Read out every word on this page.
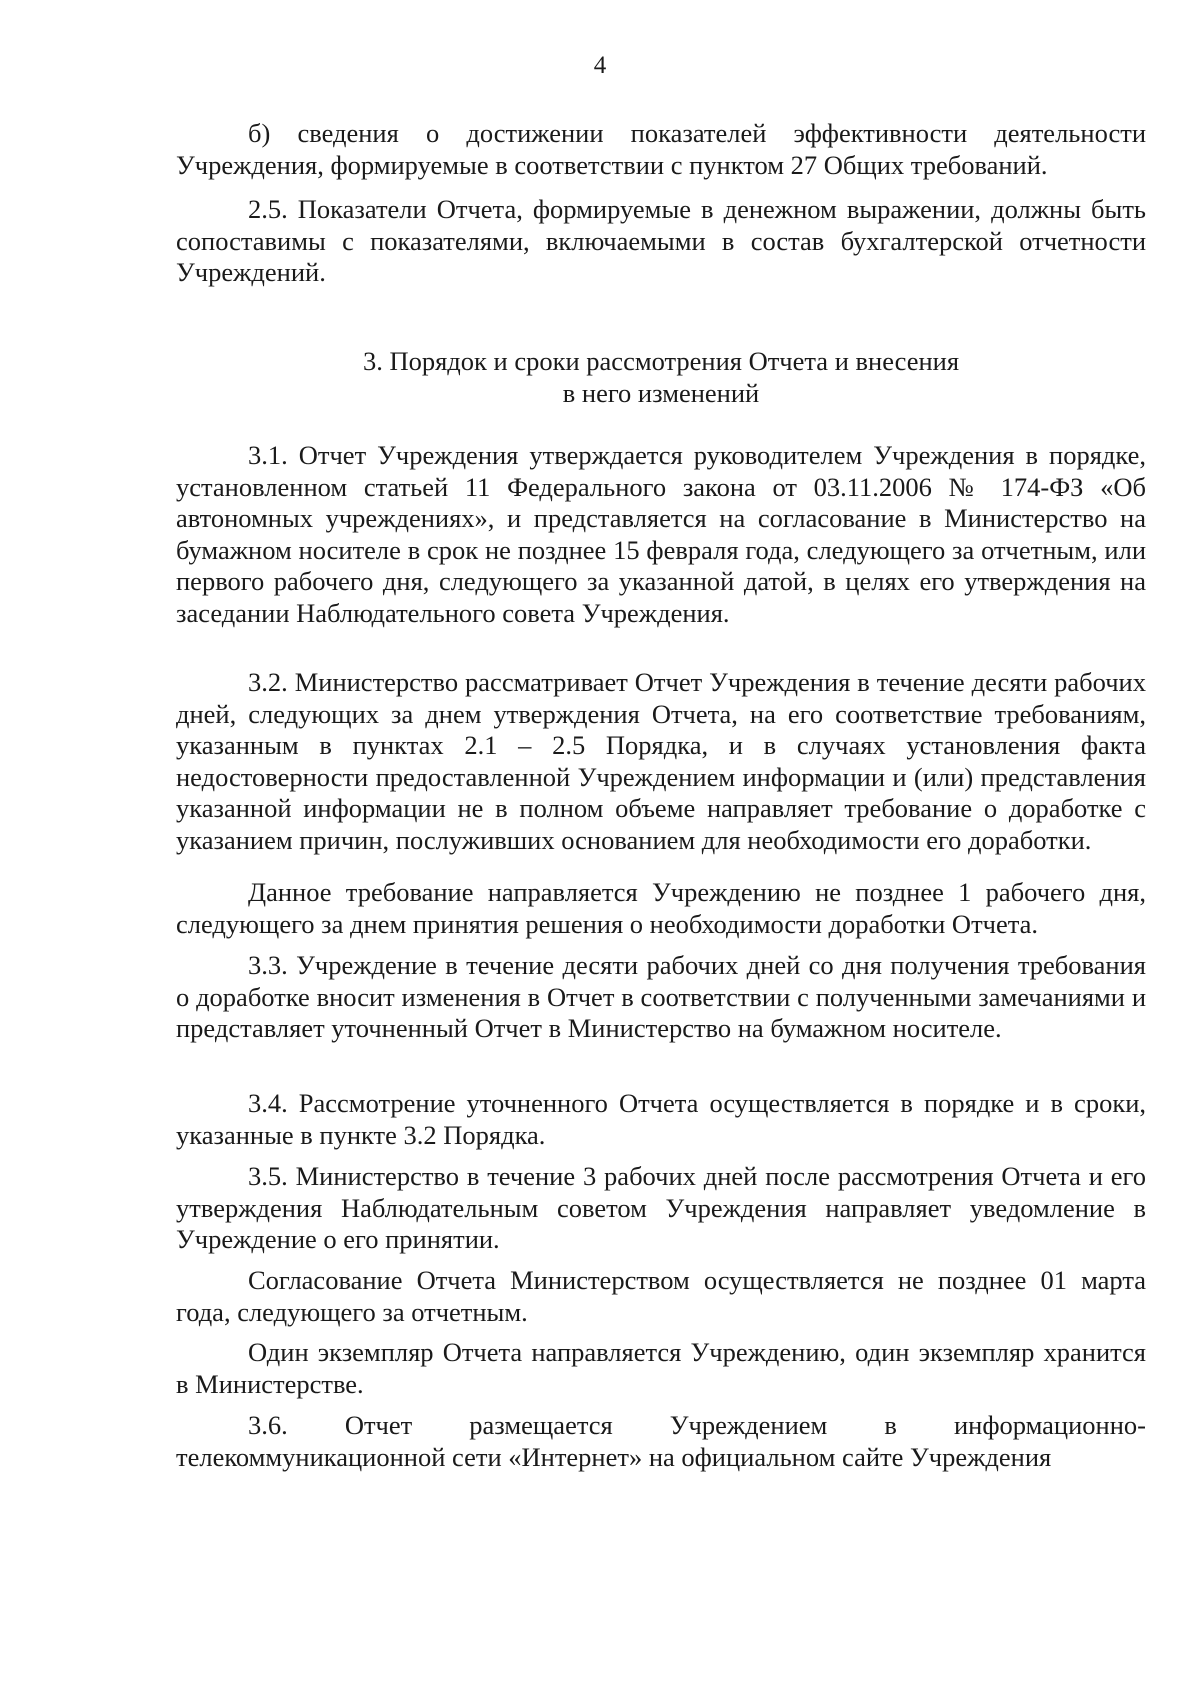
4

б) сведения о достижении показателей эффективности деятельности Учреждения, формируемые в соответствии с пунктом 27 Общих требований.

2.5. Показатели Отчета, формируемые в денежном выражении, должны быть сопоставимы с показателями, включаемыми в состав бухгалтерской отчетности Учреждений.

3. Порядок и сроки рассмотрения Отчета и внесения
в него изменений

3.1. Отчет Учреждения утверждается руководителем Учреждения в порядке, установленном статьей 11 Федерального закона от 03.11.2006 № 174-ФЗ «Об автономных учреждениях», и представляется на согласование в Министерство на бумажном носителе в срок не позднее 15 февраля года, следующего за отчетным, или первого рабочего дня, следующего за указанной датой, в целях его утверждения на заседании Наблюдательного совета Учреждения.

3.2. Министерство рассматривает Отчет Учреждения в течение десяти рабочих дней, следующих за днем утверждения Отчета, на его соответствие требованиям, указанным в пунктах 2.1 – 2.5 Порядка, и в случаях установления факта недостоверности предоставленной Учреждением информации и (или) представления указанной информации не в полном объеме направляет требование о доработке с указанием причин, послуживших основанием для необходимости его доработки.

Данное требование направляется Учреждению не позднее 1 рабочего дня, следующего за днем принятия решения о необходимости доработки Отчета.

3.3. Учреждение в течение десяти рабочих дней со дня получения требования о доработке вносит изменения в Отчет в соответствии с полученными замечаниями и представляет уточненный Отчет в Министерство на бумажном носителе.

3.4. Рассмотрение уточненного Отчета осуществляется в порядке и в сроки, указанные в пункте 3.2 Порядка.

3.5. Министерство в течение 3 рабочих дней после рассмотрения Отчета и его утверждения Наблюдательным советом Учреждения направляет уведомление в Учреждение о его принятии.

Согласование Отчета Министерством осуществляется не позднее 01 марта года, следующего за отчетным.

Один экземпляр Отчета направляется Учреждению, один экземпляр хранится в Министерстве.

3.6. Отчет размещается Учреждением в информационно-телекоммуникационной сети «Интернет» на официальном сайте Учреждения
